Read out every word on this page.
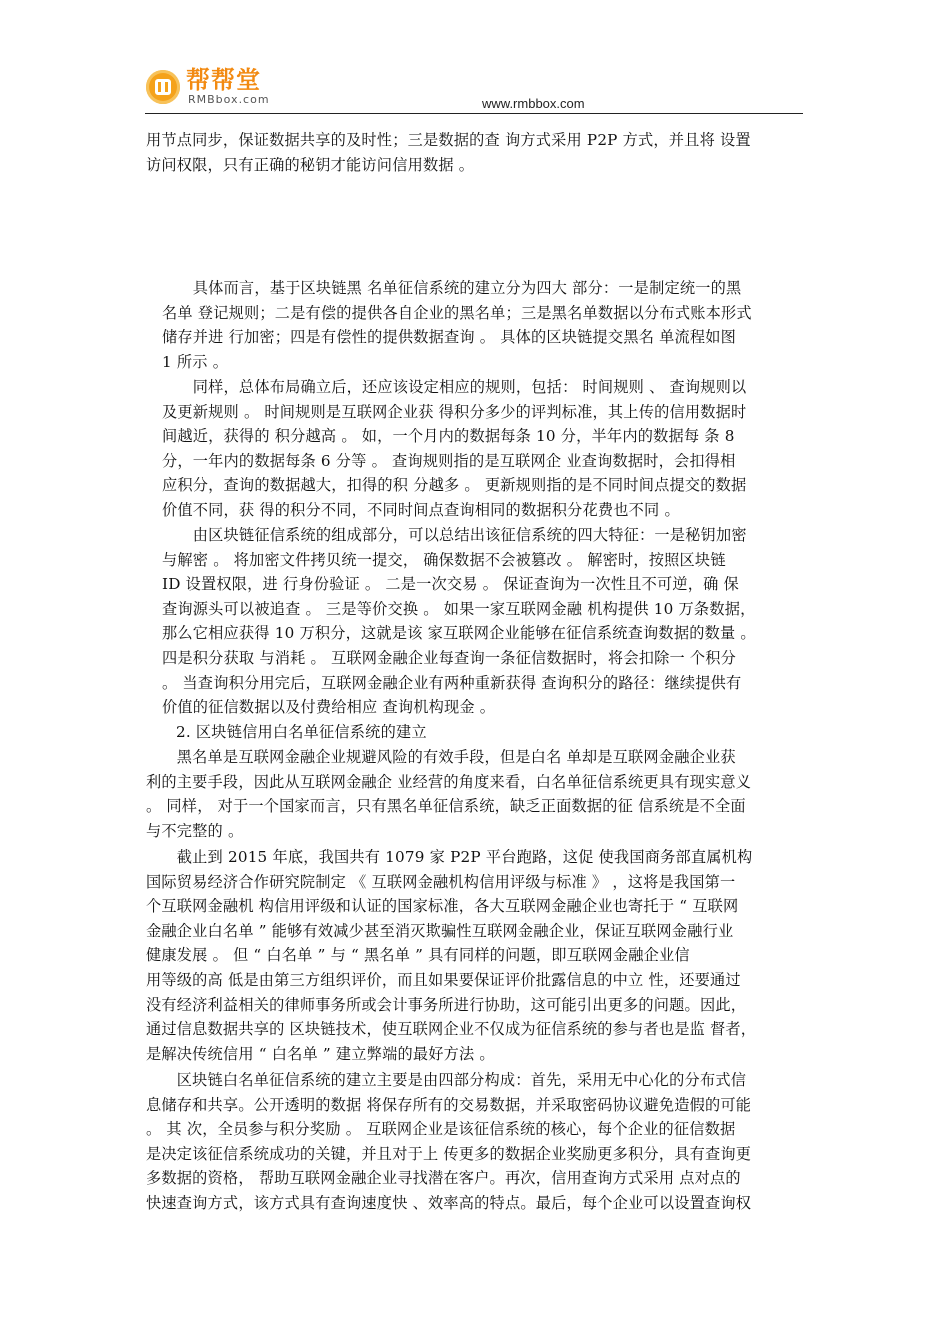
帮帮堂
RMBbox.com	www.rmbbox.com
用节点同步，保证数据共享的及时性；三是数据的查 询方式采用 P2P 方式，并且将 设置
访问权限，只有正确的秘钥才能访问信用数据 。
　　具体而言，基于区块链黑 名单征信系统的建立分为四大 部分：一是制定统一的黑
名单 登记规则；二是有偿的提供各自企业的黑名单；三是黑名单数据以分布式账本形式
储存并进 行加密；四是有偿性的提供数据查询 。 具体的区块链提交黑名 单流程如图
1 所示 。
　　同样，总体布局确立后，还应该设定相应的规则，包括： 时间规则 、 查询规则以
及更新规则 。 时间规则是互联网企业获 得积分多少的评判标准，其上传的信用数据时
间越近，获得的 积分越高 。 如，一个月内的数据每条 10 分，半年内的数据每 条 8
分，一年内的数据每条 6 分等 。 查询规则指的是互联网企 业查询数据时，会扣得相
应积分，查询的数据越大，扣得的积 分越多 。 更新规则指的是不同时间点提交的数据
价值不同，获 得的积分不同，不同时间点查询相同的数据积分花费也不同 。
　　由区块链征信系统的组成部分，可以总结出该征信系统的四大特征：一是秘钥加密
与解密 。 将加密文件拷贝统一提交， 确保数据不会被篡改 。 解密时，按照区块链
ID 设置权限，进 行身份验证 。 二是一次交易 。 保证查询为一次性且不可逆，确 保
查询源头可以被追查 。 三是等价交换 。 如果一家互联网金融 机构提供 10 万条数据，
那么它相应获得 10 万积分，这就是该 家互联网企业能够在征信系统查询数据的数量 。
四是积分获取 与消耗 。 互联网金融企业每查询一条征信数据时，将会扣除一 个积分
。 当查询积分用完后，互联网金融企业有两种重新获得 查询积分的路径：继续提供有
价值的征信数据以及付费给相应 查询机构现金 。
2. 区块链信用白名单征信系统的建立
　　黑名单是互联网金融企业规避风险的有效手段，但是白名 单却是互联网金融企业获
利的主要手段，因此从互联网金融企 业经营的角度来看，白名单征信系统更具有现实意义
。 同样， 对于一个国家而言，只有黑名单征信系统，缺乏正面数据的征 信系统是不全面
与不完整的 。
　　截止到 2015 年底，我国共有 1079 家 P2P 平台跑路，这促 使我国商务部直属机构
国际贸易经济合作研究院制定 《 互联网金融机构信用评级与标准 》 ，这将是我国第一
个互联网金融机 构信用评级和认证的国家标准，各大互联网金融企业也寄托于 “ 互联网
金融企业白名单 ” 能够有效减少甚至消灭欺骗性互联网金融企业，保证互联网金融行业
健康发展 。 但 “ 白名单 ” 与 “ 黑名单 ” 具有同样的问题，即互联网金融企业信
用等级的高 低是由第三方组织评价，而且如果要保证评价批露信息的中立 性，还要通过
没有经济利益相关的律师事务所或会计事务所进行协助，这可能引出更多的问题。因此，
通过信息数据共享的 区块链技术，使互联网企业不仅成为征信系统的参与者也是监 督者，
是解决传统信用 “ 白名单 ” 建立弊端的最好方法 。
　　区块链白名单征信系统的建立主要是由四部分构成：首先，采用无中心化的分布式信
息储存和共享。公开透明的数据 将保存所有的交易数据，并采取密码协议避免造假的可能
。 其 次，全员参与积分奖励 。 互联网企业是该征信系统的核心，每个企业的征信数据
是决定该征信系统成功的关键，并且对于上 传更多的数据企业奖励更多积分，具有查询更
多数据的资格， 帮助互联网金融企业寻找潜在客户。再次，信用查询方式采用 点对点的
快速查询方式，该方式具有查询速度快 、效率高的特点。最后，每个企业可以设置查询权
